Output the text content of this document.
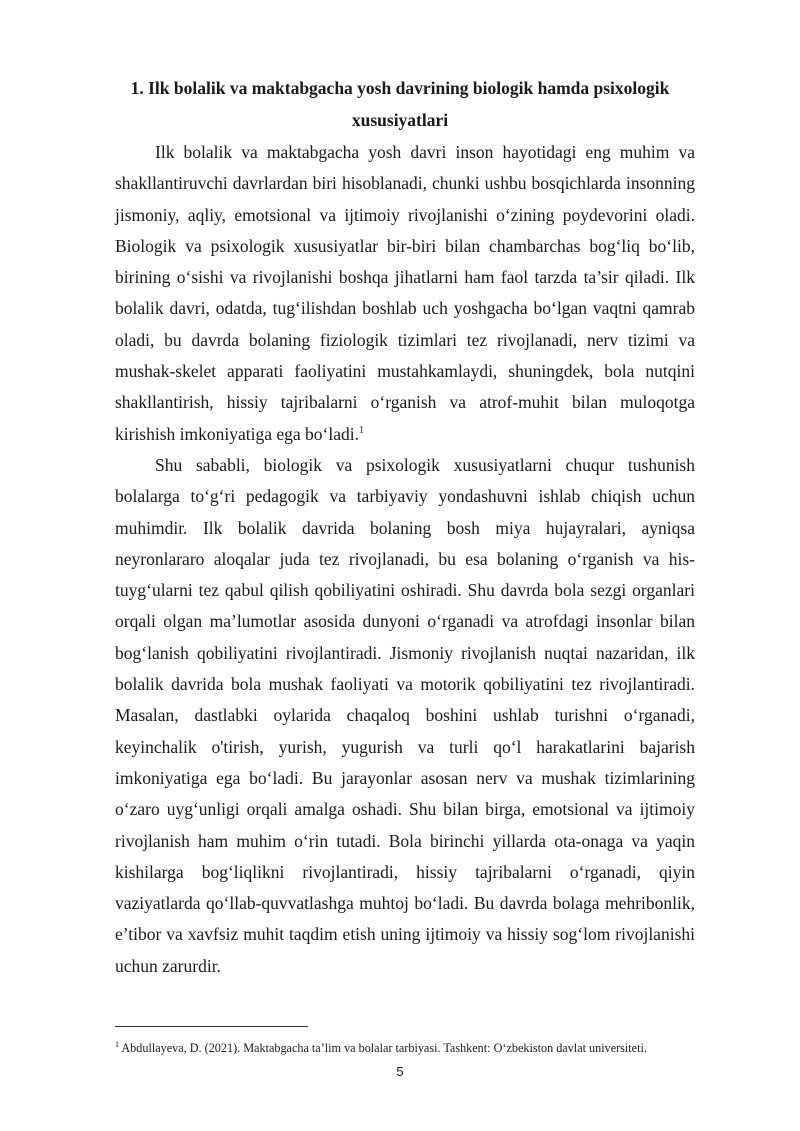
1. Ilk bolalik va maktabgacha yosh davrining biologik hamda psixologik
xususiyatlari

Ilk bolalik va maktabgacha yosh davri inson hayotidagi eng muhim va shakllantiruvchi davrlardan biri hisoblanadi, chunki ushbu bosqichlarda insonning jismoniy, aqliy, emotsional va ijtimoiy rivojlanishi o‘zining poydevorini oladi. Biologik va psixologik xususiyatlar bir-biri bilan chambarchas bog‘liq bo‘lib, birining o‘sishi va rivojlanishi boshqa jihatlarni ham faol tarzda ta’sir qiladi. Ilk bolalik davri, odatda, tug‘ilishdan boshlab uch yoshgacha bo‘lgan vaqtni qamrab oladi, bu davrda bolaning fiziologik tizimlari tez rivojlanadi, nerv tizimi va mushak-skelet apparati faoliyatini mustahkamlaydi, shuningdek, bola nutqini shakllantirish, hissiy tajribalarni o‘rganish va atrof-muhit bilan muloqotga kirishish imkoniyatiga ega bo‘ladi.$^1$

Shu sababli, biologik va psixologik xususiyatlarni chuqur tushunish bolalarga to‘g‘ri pedagogik va tarbiyaviy yondashuvni ishlab chiqish uchun muhimdir. Ilk bolalik davrida bolaning bosh miya hujayralari, ayniqsa neyronlararo aloqalar juda tez rivojlanadi, bu esa bolaning o‘rganish va his-tuyg‘ularni tez qabul qilish qobiliyatini oshiradi. Shu davrda bola sezgi organlari orqali olgan ma’lumotlar asosida dunyoni o‘rganadi va atrofdagi insonlar bilan bog‘lanish qobiliyatini rivojlantiradi. Jismoniy rivojlanish nuqtai nazaridan, ilk bolalik davrida bola mushak faoliyati va motorik qobiliyatini tez rivojlantiradi. Masalan, dastlabki oylarida chaqaloq boshini ushlab turishni o‘rganadi, keyinchalik o'tirish, yurish, yugurish va turli qo‘l harakatlarini bajarish imkoniyatiga ega bo‘ladi. Bu jarayonlar asosan nerv va mushak tizimlarining o‘zaro uyg‘unligi orqali amalga oshadi. Shu bilan birga, emotsional va ijtimoiy rivojlanish ham muhim o‘rin tutadi. Bola birinchi yillarda ota-onaga va yaqin kishilarga bog‘liqlikni rivojlantiradi, hissiy tajribalarni o‘rganadi, qiyin vaziyatlarda qo‘llab-quvvatlashga muhtoj bo‘ladi. Bu davrda bolaga mehribonlik, e’tibor va xavfsiz muhit taqdim etish uning ijtimoiy va hissiy sog‘lom rivojlanishi uchun zarurdir.

$^1$ Abdullayeva, D. (2021). Maktabgacha ta’lim va bolalar tarbiyasi. Tashkent: O‘zbekiston davlat universiteti.
5
